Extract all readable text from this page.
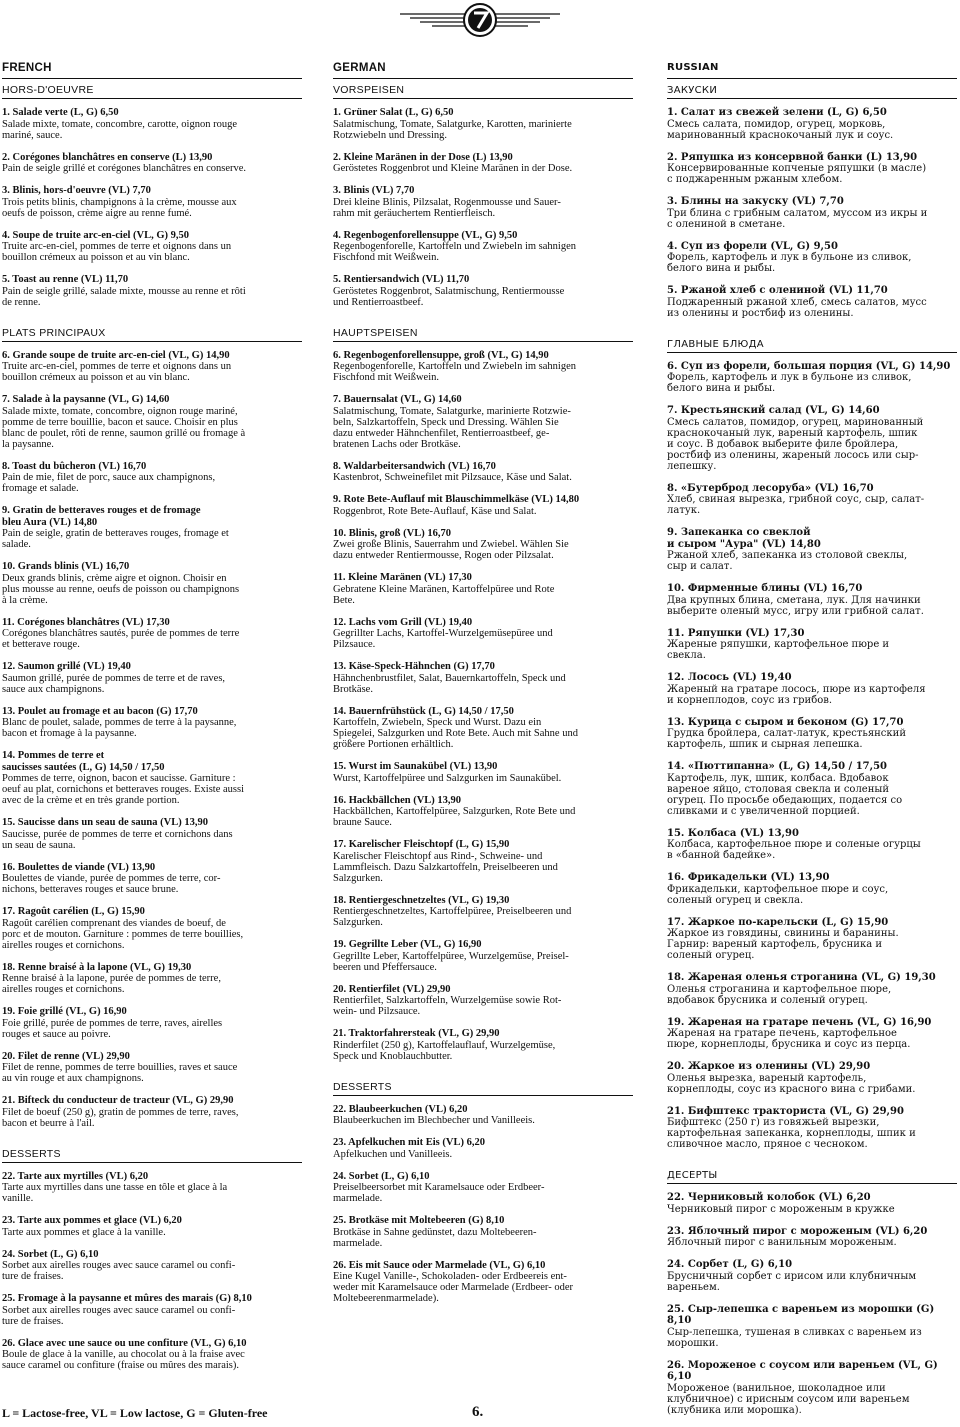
FRENCH
HORS-D'OEUVRE
1. Salade verte (L, G) 6,50
Salade mixte, tomate, concombre, carotte, oignon rouge
mariné, sauce.
2. Corégones blanchâtres en conserve (L) 13,90
Pain de seigle grillé et corégones blanchâtres en conserve.
3. Blinis, hors-d'oeuvre (VL) 7,70
Trois petits blinis, champignons à la crème, mousse aux
oeufs de poisson, crème aigre au renne fumé.
4. Soupe de truite arc-en-ciel (VL, G) 9,50
Truite arc-en-ciel, pommes de terre et oignons dans un
bouillon crémeux au poisson et au vin blanc.
5. Toast au renne (VL) 11,70
Pain de seigle grillé, salade mixte, mousse au renne et rôti
de renne.
PLATS PRINCIPAUX
6. Grande soupe de truite arc-en-ciel (VL, G) 14,90
Truite arc-en-ciel, pommes de terre et oignons dans un
bouillon crémeux au poisson et au vin blanc.
7. Salade à la paysanne (VL, G) 14,60
Salade mixte, tomate, concombre, oignon rouge mariné,
pomme de terre bouillie, bacon et sauce. Choisir en plus
blanc de poulet, rôti de renne, saumon grillé ou fromage à
la paysanne.
8. Toast du bûcheron (VL) 16,70
Pain de mie, filet de porc, sauce aux champignons,
fromage et salade.
9. Gratin de betteraves rouges et de fromage
bleu Aura (VL) 14,80
Pain de seigle, gratin de betteraves rouges, fromage et
salade.
10. Grands blinis (VL) 16,70
Deux grands blinis, crème aigre et oignon. Choisir en
plus mousse au renne, oeufs de poisson ou champignons
à la crème.
11. Corégones blanchâtres (VL) 17,30
Corégones blanchâtres sautés, purée de pommes de terre
et betterave rouge.
12. Saumon grillé (VL) 19,40
Saumon grillé, purée de pommes de terre et de raves,
sauce aux champignons.
13. Poulet au fromage et au bacon (G) 17,70
Blanc de poulet, salade, pommes de terre à la paysanne,
bacon et fromage à la paysanne.
14. Pommes de terre et
saucisses sautées (L, G) 14,50 / 17,50
Pommes de terre, oignon, bacon et saucisse. Garniture :
oeuf au plat, cornichons et betteraves rouges. Existe aussi
avec de la crème et en très grande portion.
15. Saucisse dans un seau de sauna (VL) 13,90
Saucisse, purée de pommes de terre et cornichons dans
un seau de sauna.
16. Boulettes de viande (VL) 13,90
Boulettes de viande, purée de pommes de terre, cor-
nichons, betteraves rouges et sauce brune.
17. Ragoût carélien (L, G) 15,90
Ragoût carélien comprenant des viandes de boeuf, de
porc et de mouton. Garniture : pommes de terre bouillies,
airelles rouges et cornichons.
18. Renne braisé à la lapone (VL, G) 19,30
Renne braisé à la lapone, purée de pommes de terre,
airelles rouges et cornichons.
19. Foie grillé (VL, G) 16,90
Foie grillé, purée de pommes de terre, raves, airelles
rouges et sauce au poivre.
20. Filet de renne (VL) 29,90
Filet de renne, pommes de terre bouillies, raves et sauce
au vin rouge et aux champignons.
21. Bifteck du conducteur de tracteur (VL, G) 29,90
Filet de boeuf (250 g), gratin de pommes de terre, raves,
bacon et beurre à l'ail.
DESSERTS
22. Tarte aux myrtilles (VL) 6,20
Tarte aux myrtilles dans une tasse en tôle et glace à la
vanille.
23. Tarte aux pommes et glace (VL) 6,20
Tarte aux pommes et glace à la vanille.
24. Sorbet (L, G) 6,10
Sorbet aux airelles rouges avec sauce caramel ou confi-
ture de fraises.
25. Fromage à la paysanne et mûres des marais (G) 8,10
Sorbet aux airelles rouges avec sauce caramel ou confi-
ture de fraises.
26. Glace avec une sauce ou une confiture (VL, G) 6,10
Boule de glace à la vanille, au chocolat ou à la fraise avec
sauce caramel ou confiture (fraise ou mûres des marais).
GERMAN
VORSPEISEN
1. Grüner Salat (L, G) 6,50
Salatmischung, Tomate, Salatgurke, Karotten, marinierte
Rotzwiebeln und Dressing.
2. Kleine Maränen in der Dose (L) 13,90
Geröstetes Roggenbrot und Kleine Maränen in der Dose.
3. Blinis (VL) 7,70
Drei kleine Blinis, Pilzsalat, Rogenmousse und Sauer-
rahm mit geräuchertem Rentierfleisch.
4. Regenbogenforellensuppe (VL, G) 9,50
Regenbogenforelle, Kartoffeln und Zwiebeln im sahnigen
Fischfond mit Weißwein.
5. Rentiersandwich (VL) 11,70
Geröstetes Roggenbrot, Salatmischung, Rentiermousse
und Rentierroastbeef.
HAUPTSPEISEN
6. Regenbogenforellensuppe, groß (VL, G) 14,90
Regenbogenforelle, Kartoffeln und Zwiebeln im sahnigen
Fischfond mit Weißwein.
7. Bauernsalat (VL, G) 14,60
Salatmischung, Tomate, Salatgurke, marinierte Rotzwie-
beln, Salzkartoffeln, Speck und Dressing. Wählen Sie
dazu entweder Hähnchenfilet, Rentierroastbeef, ge-
bratenen Lachs oder Brotkäse.
8. Waldarbeitersandwich (VL) 16,70
Kastenbrot, Schweinefilet mit Pilzsauce, Käse und Salat.
9. Rote Bete-Auflauf mit Blauschimmelkäse (VL) 14,80
Roggenbrot, Rote Bete-Auflauf, Käse und Salat.
10. Blinis, groß (VL) 16,70
Zwei große Blinis, Sauerrahm und Zwiebel. Wählen Sie
dazu entweder Rentiermousse, Rogen oder Pilzsalat.
11. Kleine Maränen (VL) 17,30
Gebratene Kleine Maränen, Kartoffelpüree und Rote
Bete.
12. Lachs vom Grill (VL) 19,40
Gegrillter Lachs, Kartoffel-Wurzelgemüsepüree und
Pilzsauce.
13. Käse-Speck-Hähnchen (G) 17,70
Hähnchenbrustfilet, Salat, Bauernkartoffeln, Speck und
Brotkäse.
14. Bauernfrühstück (L, G) 14,50 / 17,50
Kartoffeln, Zwiebeln, Speck und Wurst. Dazu ein
Spiegelei, Salzgurken und Rote Bete. Auch mit Sahne und
größere Portionen erhältlich.
15. Wurst im Saunakübel (VL) 13,90
Wurst, Kartoffelpüree und Salzgurken im Saunakübel.
16. Hackbällchen (VL) 13,90
Hackbällchen, Kartoffelpüree, Salzgurken, Rote Bete und
braune Sauce.
17. Karelischer Fleischtopf (L, G) 15,90
Karelischer Fleischtopf aus Rind-, Schweine- und
Lammfleisch. Dazu Salzkartoffeln, Preiselbeeren und
Salzgurken.
18. Rentiergeschnetzeltes (VL, G) 19,30
Rentiergeschnetzeltes, Kartoffelpüree, Preiselbeeren und
Salzgurken.
19. Gegrillte Leber (VL, G) 16,90
Gegrillte Leber, Kartoffelpüree, Wurzelgemüse, Preisel-
beeren und Pfeffersauce.
20. Rentierfilet (VL) 29,90
Rentierfilet, Salzkartoffeln, Wurzelgemüse sowie Rot-
wein- und Pilzsauce.
21. Traktorfahrersteak (VL, G) 29,90
Rinderfilet (250 g), Kartoffelauflauf, Wurzelgemüse,
Speck und Knoblauchbutter.
DESSERTS
22. Blaubeerkuchen (VL) 6,20
Blaubeerkuchen im Blechbecher und Vanilleeis.
23. Apfelkuchen mit Eis (VL) 6,20
Apfelkuchen und Vanilleeis.
24. Sorbet (L, G) 6,10
Preiselbeersorbet mit Karamelsauce oder Erdbeer-
marmelade.
25. Brotkäse mit Moltebeeren (G) 8,10
Brotkäse in Sahne gedünstet, dazu Moltebeeren-
marmelade.
26. Eis mit Sauce oder Marmelade (VL, G) 6,10
Eine Kugel Vanille-, Schokoladen- oder Erdbeereis ent-
weder mit Karamelsauce oder Marmelade (Erdbeer- oder
Moltebeerenmarmelade).
RUSSIAN
ЗАКУСКИ
1. Салат из свежей зелени (L, G) 6,50
Смесь салата, помидор, огурец, морковь,
маринованный краснокочаный лук и соус.
2. Ряпушка из консервной банки (L) 13,90
Консервированные копченые ряпушки (в масле)
с поджаренным ржаным хлебом.
3. Блины на закуску (VL) 7,70
Три блина с грибным салатом, муссом из икры и
с олениной в сметане.
4. Суп из форели (VL, G) 9,50
Форель, картофель и лук в бульоне из сливок,
белого вина и рыбы.
5. Ржаной хлеб с олениной (VL) 11,70
Поджаренный ржаной хлеб, смесь салатов, мусс
из оленины и ростбиф из оленины.
ГЛАВНЫЕ БЛЮДА
6. Суп из форели, большая порция (VL, G) 14,90
Форель, картофель и лук в бульоне из сливок,
белого вина и рыбы.
7. Крестьянский салад (VL, G) 14,60
Смесь салатов, помидор, огурец, маринованный
краснокочаный лук, вареный картофель, шпик
и соус. В добавок выберите филе бройлера,
ростбиф из оленины, жареный лосось или сыр-
лепешку.
8. «Бутерброд лесоруба» (VL) 16,70
Хлеб, свиная вырезка, грибной соус, сыр, салат-
латук.
9. Запеканка со свеклой
и сыром "Аура" (VL) 14,80
Ржаной хлеб, запеканка из столовой свеклы,
сыр и салат.
10. Фирменные блины (VL) 16,70
Два крупных блина, сметана, лук. Для начинки
выберите оленый мусс, игру или грибной салат.
11. Ряпушки (VL) 17,30
Жареные ряпушки, картофельное пюре и
свекла.
12. Лосось (VL) 19,40
Жареный на гратаре лосось, пюре из картофеля
и корнеплодов, соус из грибов.
13. Курица с сыром и беконом (G) 17,70
Грудка бройлера, салат-латук, крестьянский
картофель, шпик и сырная лепешка.
14. «Пюттипанна» (L, G) 14,50 / 17,50
Картофель, лук, шпик, колбаса. Вдобавок
вареное яйцо, столовая свекла и соленый
огурец. По просьбе обедающих, подается со
сливками и с увеличенной порцией.
15. Колбаса (VL) 13,90
Колбаса, картофельное пюре и соленые огурцы
в «банной бадейке».
16. Фрикадельки (VL) 13,90
Фрикадельки, картофельное пюре и соус,
соленый огурец и свекла.
17. Жаркое по-карельски (L, G) 15,90
Жаркое из говядины, свинины и баранины.
Гарнир: вареный картофель, брусника и
соленый огурец.
18. Жареная оленья строганина (VL, G) 19,30
Оленья строганина и картофельное пюре,
вдобавок брусника и соленый огурец.
19. Жареная на гратаре печень (VL, G) 16,90
Жареная на гратаре печень, картофельное
пюре, корнеплоды, брусника и соус из перца.
20. Жаркое из оленины (VL) 29,90
Оленья вырезка, вареный картофель,
корнеплоды, соус из красного вина с грибами.
21. Бифштекс тракториста (VL, G) 29,90
Бифштекс (250 г) из говяжьей вырезки,
картофельная запеканка, корнеплоды, шпик и
сливочное масло, пряное с чесноком.
ДЕСЕРТЫ
22. Черниковый колобок (VL) 6,20
Черниковый пирог с мороженым в кружке
23. Яблочный пирог с мороженым (VL) 6,20
Яблочный пирог с ванильным мороженым.
24. Сорбет (L, G) 6,10
Брусничный сорбет с ирисом или клубничным
вареньем.
25. Сыр-лепешка с вареньем из морошки (G) 8,10
Сыр-лепешка, тушеная в сливках с вареньем из
морошки.
26. Мороженое с соусом или вареньем (VL, G) 6,10
Мороженое (ванильное, шоколадное или
клубничное) с ирисным соусом или вареньем
(клубника или морошка).
L = Lactose-free, VL = Low lactose, G = Gluten-free	6.
